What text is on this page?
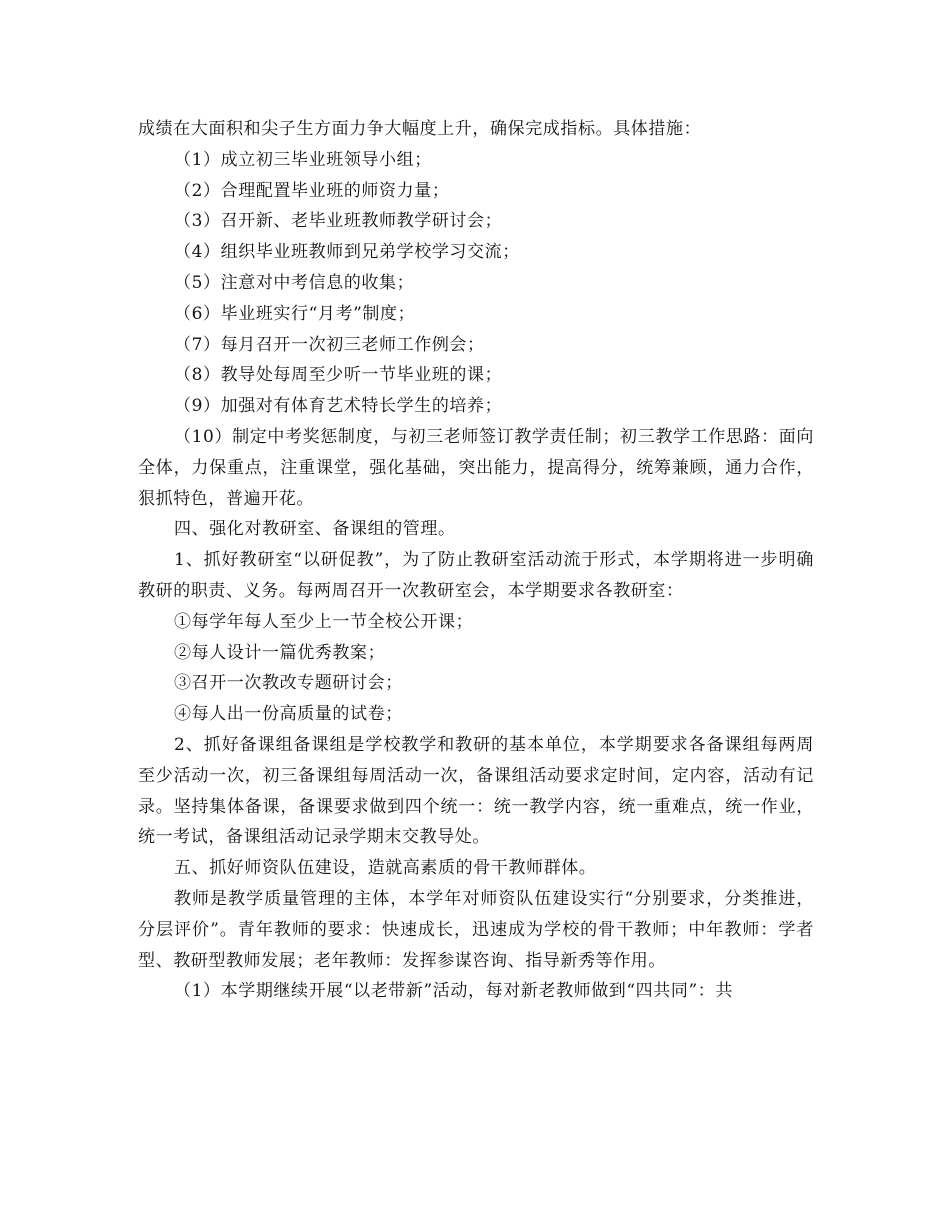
成绩在大面积和尖子生方面力争大幅度上升，确保完成指标。具体措施：

（1）成立初三毕业班领导小组；

（2）合理配置毕业班的师资力量；

（3）召开新、老毕业班教师教学研讨会；

（4）组织毕业班教师到兄弟学校学习交流；

（5）注意对中考信息的收集；

（6）毕业班实行“月考”制度；

（7）每月召开一次初三老师工作例会；

（8）教导处每周至少听一节毕业班的课；

（9）加强对有体育艺术特长学生的培养；

（10）制定中考奖惩制度，与初三老师签订教学责任制；初三教学工作思路：面向全体，力保重点，注重课堂，强化基础，突出能力，提高得分，统筹兼顾，通力合作，狠抓特色，普遍开花。

四、强化对教研室、备课组的管理。

1、抓好教研室“以研促教”，为了防止教研室活动流于形式，本学期将进一步明确教研的职责、义务。每两周召开一次教研室会，本学期要求各教研室：

①每学年每人至少上一节全校公开课；

②每人设计一篇优秀教案；

③召开一次教改专题研讨会；

④每人出一份高质量的试卷；

2、抓好备课组备课组是学校教学和教研的基本单位，本学期要求各备课组每两周至少活动一次，初三备课组每周活动一次，备课组活动要求定时间，定内容，活动有记录。坚持集体备课，备课要求做到四个统一：统一教学内容，统一重难点，统一作业，统一考试，备课组活动记录学期末交教导处。

五、抓好师资队伍建设，造就高素质的骨干教师群体。

教师是教学质量管理的主体，本学年对师资队伍建设实行“分别要求，分类推进，分层评价”。青年教师的要求：快速成长，迅速成为学校的骨干教师；中年教师：学者型、教研型教师发展；老年教师：发挥参谋咨询、指导新秀等作用。

（1）本学期继续开展“以老带新”活动，每对新老教师做到“四共同”：共
